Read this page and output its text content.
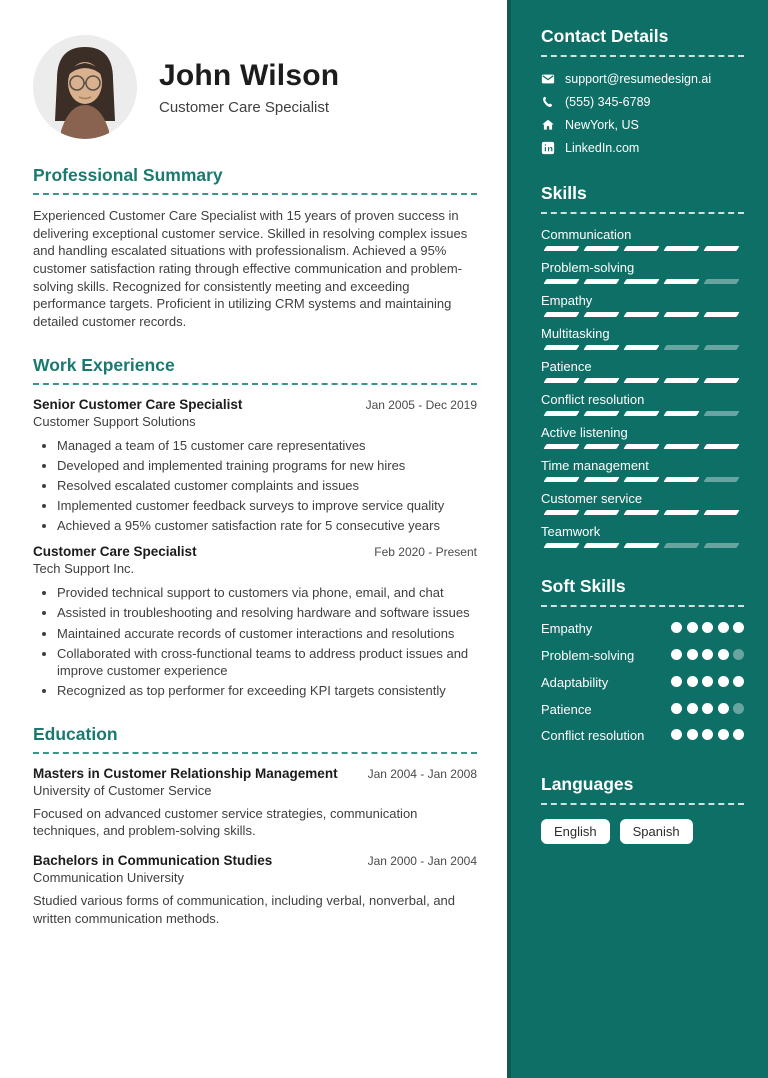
John Wilson
Customer Care Specialist
Professional Summary

Experienced Customer Care Specialist with 15 years of proven success in delivering exceptional customer service. Skilled in resolving complex issues and handling escalated situations with professionalism. Achieved a 95% customer satisfaction rating through effective communication and problem-solving skills. Recognized for consistently meeting and exceeding performance targets. Proficient in utilizing CRM systems and maintaining detailed customer records.

Work Experience
Senior Customer Care Specialist	Jan 2005 - Dec 2019
Customer Support Solutions
• Managed a team of 15 customer care representatives
• Developed and implemented training programs for new hires
• Resolved escalated customer complaints and issues
• Implemented customer feedback surveys to improve service quality
• Achieved a 95% customer satisfaction rate for 5 consecutive years
Customer Care Specialist	Feb 2020 - Present
Tech Support Inc.
• Provided technical support to customers via phone, email, and chat
• Assisted in troubleshooting and resolving hardware and software issues
• Maintained accurate records of customer interactions and resolutions
• Collaborated with cross-functional teams to address product issues and improve customer experience
• Recognized as top performer for exceeding KPI targets consistently
Education
Masters in Customer Relationship Management	Jan 2004 - Jan 2008
University of Customer Service

Focused on advanced customer service strategies, communication techniques, and problem-solving skills.

Bachelors in Communication Studies	Jan 2000 - Jan 2004
Communication University

Studied various forms of communication, including verbal, nonverbal, and written communication methods.

Contact Details
support@resumedesign.ai
(555) 345-6789
NewYork, US
LinkedIn.com
Skills
Communication
Problem-solving
Empathy
Multitasking
Patience
Conflict resolution
Active listening
Time management
Customer service
Teamwork
Soft Skills
Empathy
Problem-solving
Adaptability
Patience
Conflict resolution
Languages
English	Spanish
